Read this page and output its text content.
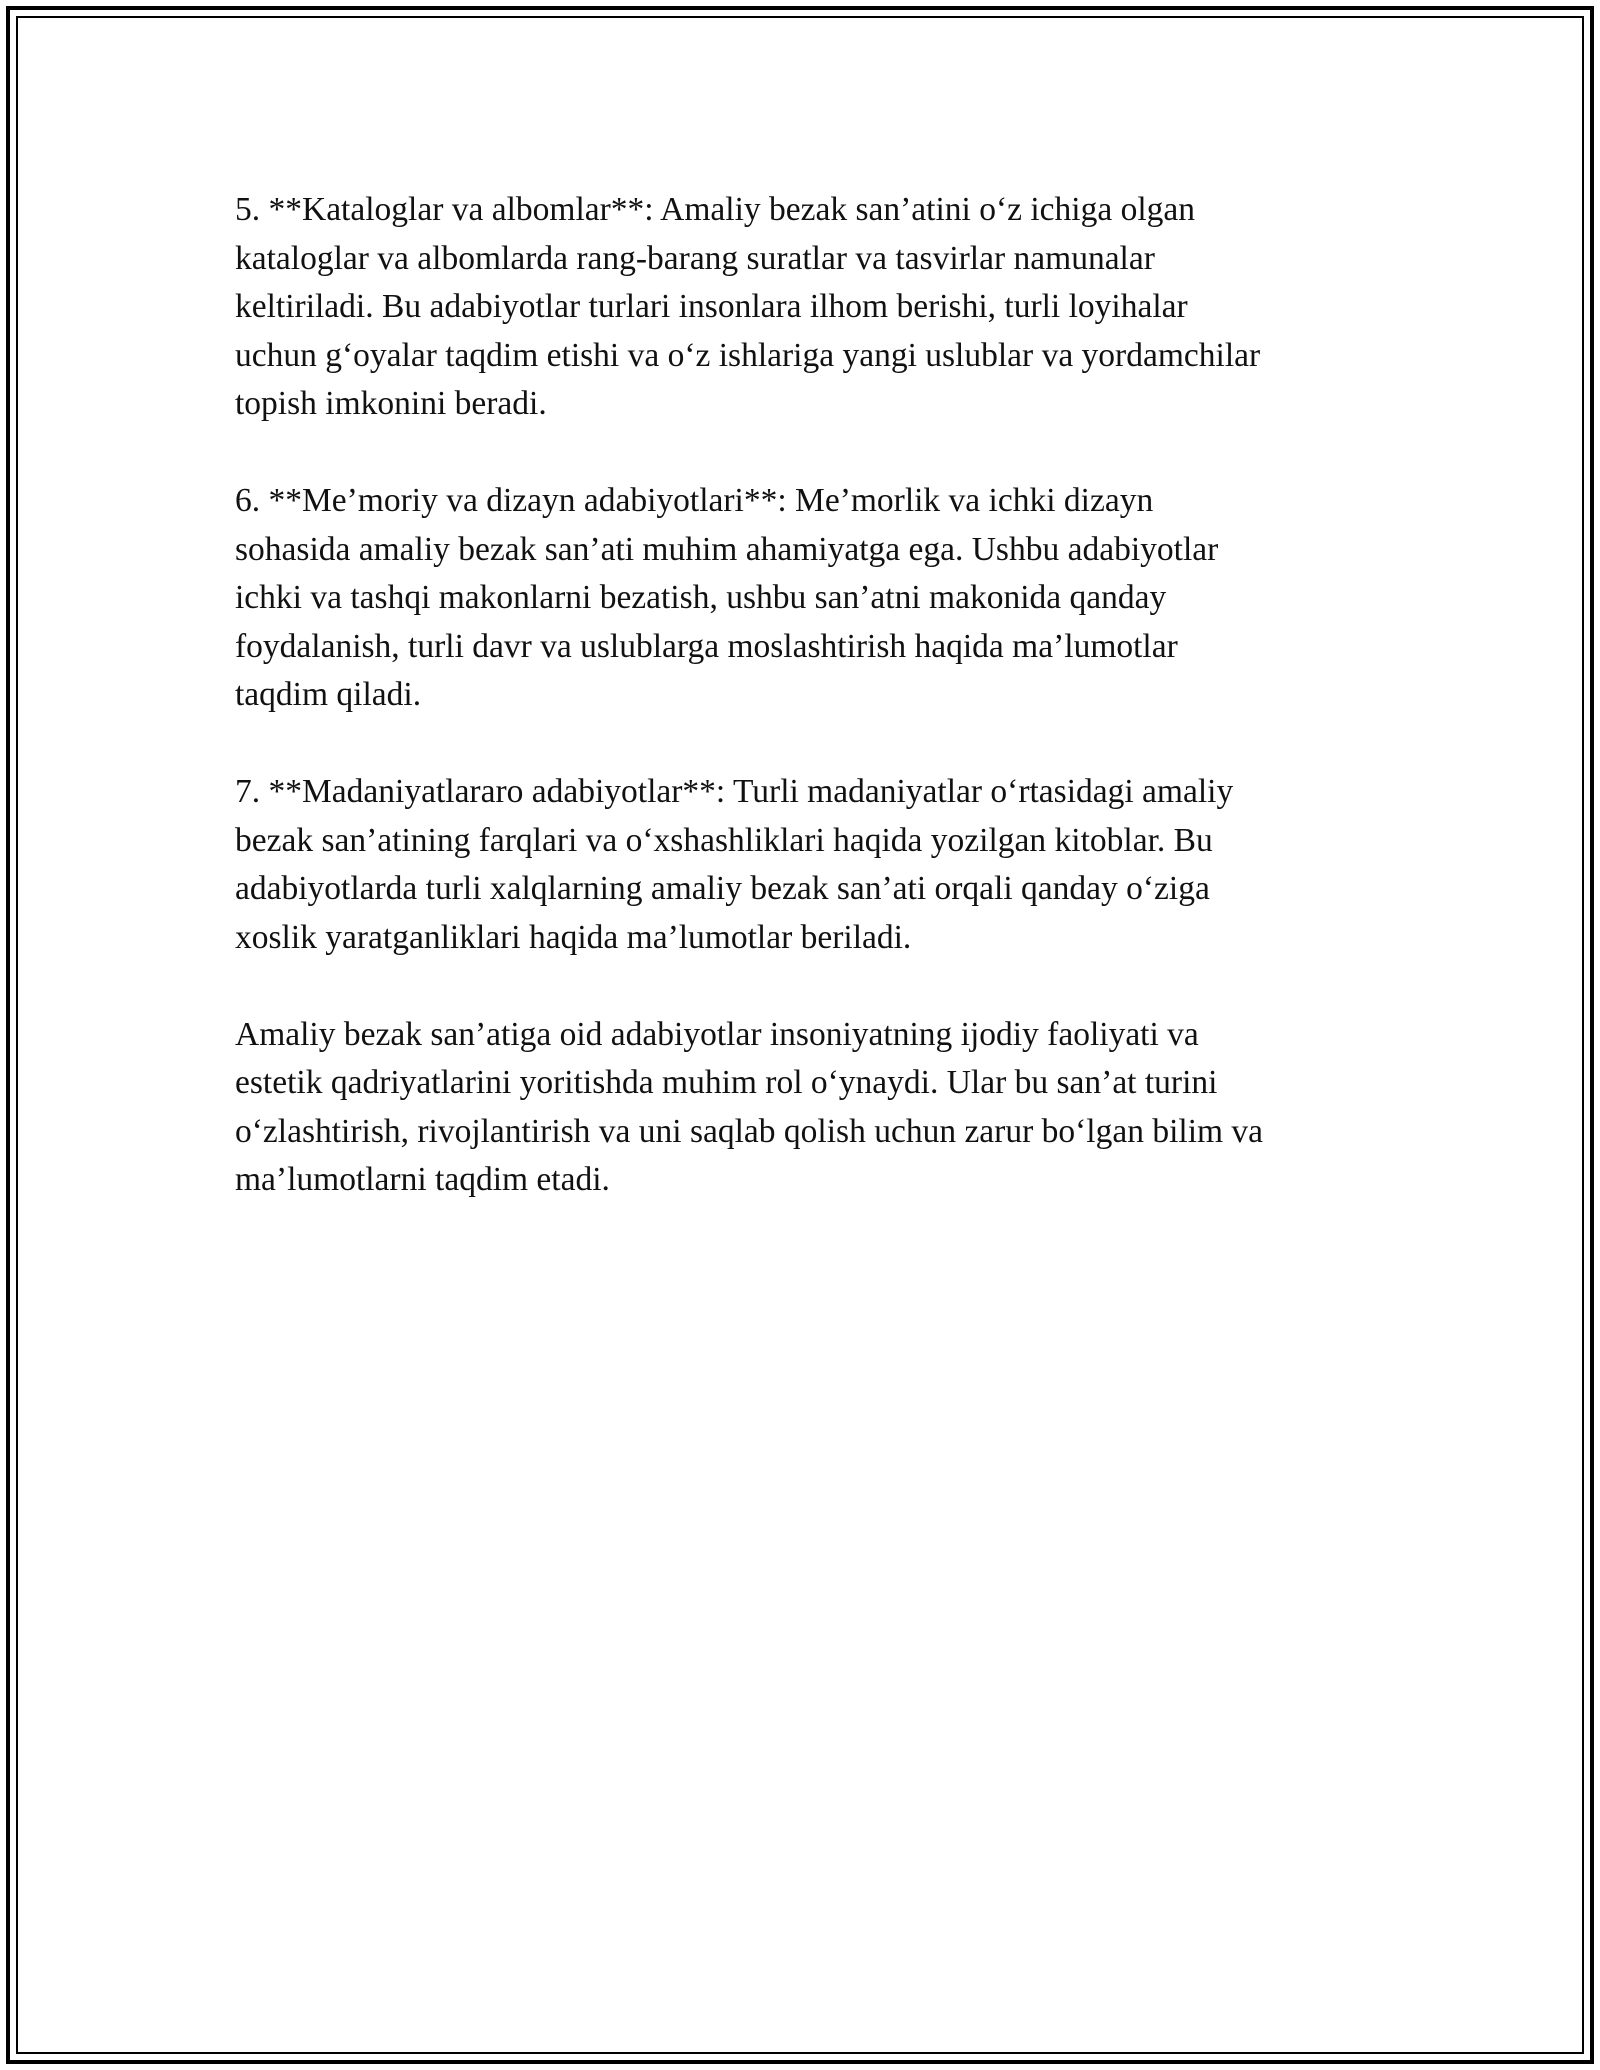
5. **Kataloglar va albomlar**: Amaliy bezak san’atini o‘z ichiga olgan
kataloglar va albomlarda rang-barang suratlar va tasvirlar namunalar
keltiriladi. Bu adabiyotlar turlari insonlara ilhom berishi, turli loyihalar
uchun g‘oyalar taqdim etishi va o‘z ishlariga yangi uslublar va yordamchilar
topish imkonini beradi.

6. **Me’moriy va dizayn adabiyotlari**: Me’morlik va ichki dizayn
sohasida amaliy bezak san’ati muhim ahamiyatga ega. Ushbu adabiyotlar
ichki va tashqi makonlarni bezatish, ushbu san’atni makonida qanday
foydalanish, turli davr va uslublarga moslashtirish haqida ma’lumotlar
taqdim qiladi.

7. **Madaniyatlararo adabiyotlar**: Turli madaniyatlar o‘rtasidagi amaliy
bezak san’atining farqlari va o‘xshashliklari haqida yozilgan kitoblar. Bu
adabiyotlarda turli xalqlarning amaliy bezak san’ati orqali qanday o‘ziga
xoslik yaratganliklari haqida ma’lumotlar beriladi.

Amaliy bezak san’atiga oid adabiyotlar insoniyatning ijodiy faoliyati va
estetik qadriyatlarini yoritishda muhim rol o‘ynaydi. Ular bu san’at turini
o‘zlashtirish, rivojlantirish va uni saqlab qolish uchun zarur bo‘lgan bilim va
ma’lumotlarni taqdim etadi.
